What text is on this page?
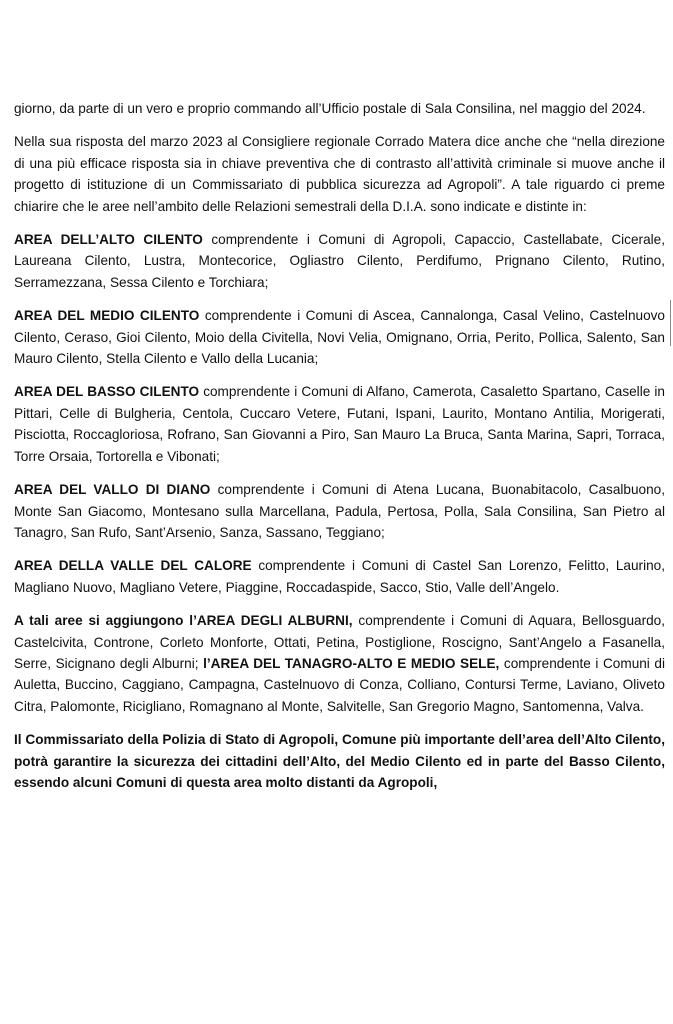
giorno, da parte di un vero e proprio commando all’Ufficio postale di Sala Consilina, nel maggio del 2024.

Nella sua risposta del marzo 2023 al Consigliere regionale Corrado Matera dice anche che “nella direzione di una più efficace risposta sia in chiave preventiva che di contrasto all’attività criminale si muove anche il progetto di istituzione di un Commissariato di pubblica sicurezza ad Agropoli”. A tale riguardo ci preme chiarire che le aree nell’ambito delle Relazioni semestrali della D.I.A. sono indicate e distinte in:

AREA DELL’ALTO CILENTO comprendente i Comuni di Agropoli, Capaccio, Castellabate, Cicerale, Laureana Cilento, Lustra, Montecorice, Ogliastro Cilento, Perdifumo, Prignano Cilento, Rutino, Serramezzana, Sessa Cilento e Torchiara;

AREA DEL MEDIO CILENTO comprendente i Comuni di Ascea, Cannalonga, Casal Velino, Castelnuovo Cilento, Ceraso, Gioi Cilento, Moio della Civitella, Novi Velia, Omignano, Orria, Perito, Pollica, Salento, San Mauro Cilento, Stella Cilento e Vallo della Lucania;

AREA DEL BASSO CILENTO comprendente i Comuni di Alfano, Camerota, Casaletto Spartano, Caselle in Pittari, Celle di Bulgheria, Centola, Cuccaro Vetere, Futani, Ispani, Laurito, Montano Antilia, Morigerati, Pisciotta, Roccagloriosa, Rofrano, San Giovanni a Piro, San Mauro La Bruca, Santa Marina, Sapri, Torraca, Torre Orsaia, Tortorella e Vibonati;

AREA DEL VALLO DI DIANO comprendente i Comuni di Atena Lucana, Buonabitacolo, Casalbuono, Monte San Giacomo, Montesano sulla Marcellana, Padula, Pertosa, Polla, Sala Consilina, San Pietro al Tanagro, San Rufo, Sant’Arsenio, Sanza, Sassano, Teggiano;

AREA DELLA VALLE DEL CALORE comprendente i Comuni di Castel San Lorenzo, Felitto, Laurino, Magliano Nuovo, Magliano Vetere, Piaggine, Roccadaspide, Sacco, Stio, Valle dell’Angelo.

A tali aree si aggiungono l’AREA DEGLI ALBURNI, comprendente i Comuni di Aquara, Bellosguardo, Castelcivita, Controne, Corleto Monforte, Ottati, Petina, Postiglione, Roscigno, Sant’Angelo a Fasanella, Serre, Sicignano degli Alburni; l’AREA DEL TANAGRO-ALTO E MEDIO SELE, comprendente i Comuni di Auletta, Buccino, Caggiano, Campagna, Castelnuovo di Conza, Colliano, Contursi Terme, Laviano, Oliveto Citra, Palomonte, Ricigliano, Romagnano al Monte, Salvitelle, San Gregorio Magno, Santomenna, Valva.

Il Commissariato della Polizia di Stato di Agropoli, Comune più importante dell’area dell’Alto Cilento, potrà garantire la sicurezza dei cittadini dell’Alto, del Medio Cilento ed in parte del Basso Cilento, essendo alcuni Comuni di questa area molto distanti da Agropoli,
